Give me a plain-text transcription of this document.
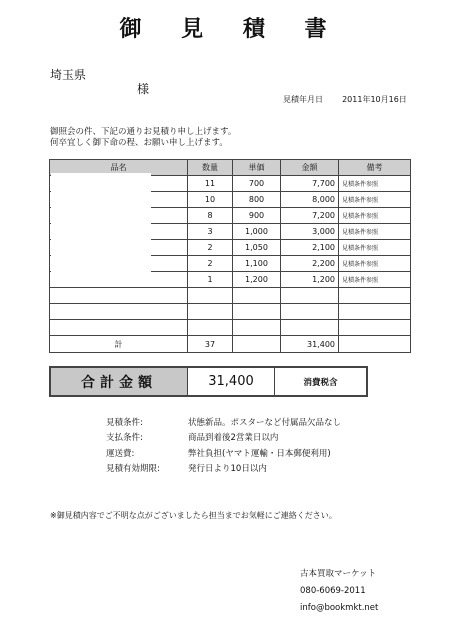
御 見 積 書
埼玉県
様
見積年月日 2011年10月16日
御照会の件、下記の通りお見積り申し上げます。
何卒宜しく御下命の程、お願い申し上げます。
品名	数量	単価	金額	備考
	11	700	7,700	見積条件参照
	10	800	8,000	見積条件参照
	8	900	7,200	見積条件参照
	3	1,000	3,000	見積条件参照
	2	1,050	2,100	見積条件参照
	2	1,100	2,200	見積条件参照
	1	1,200	1,200	見積条件参照

計	37		31,400	
合計金額	31,400	消費税含
見積条件:	状態新品。ポスターなど付属品欠品なし
支払条件:	商品到着後2営業日以内
運送費:	弊社負担(ヤマト運輸・日本郵便利用)
見積有効期限:	発行日より10日以内
※御見積内容でご不明な点がございましたら担当までお気軽にご連絡ください。
古本買取マーケット
080-6069-2011
info@bookmkt.net
